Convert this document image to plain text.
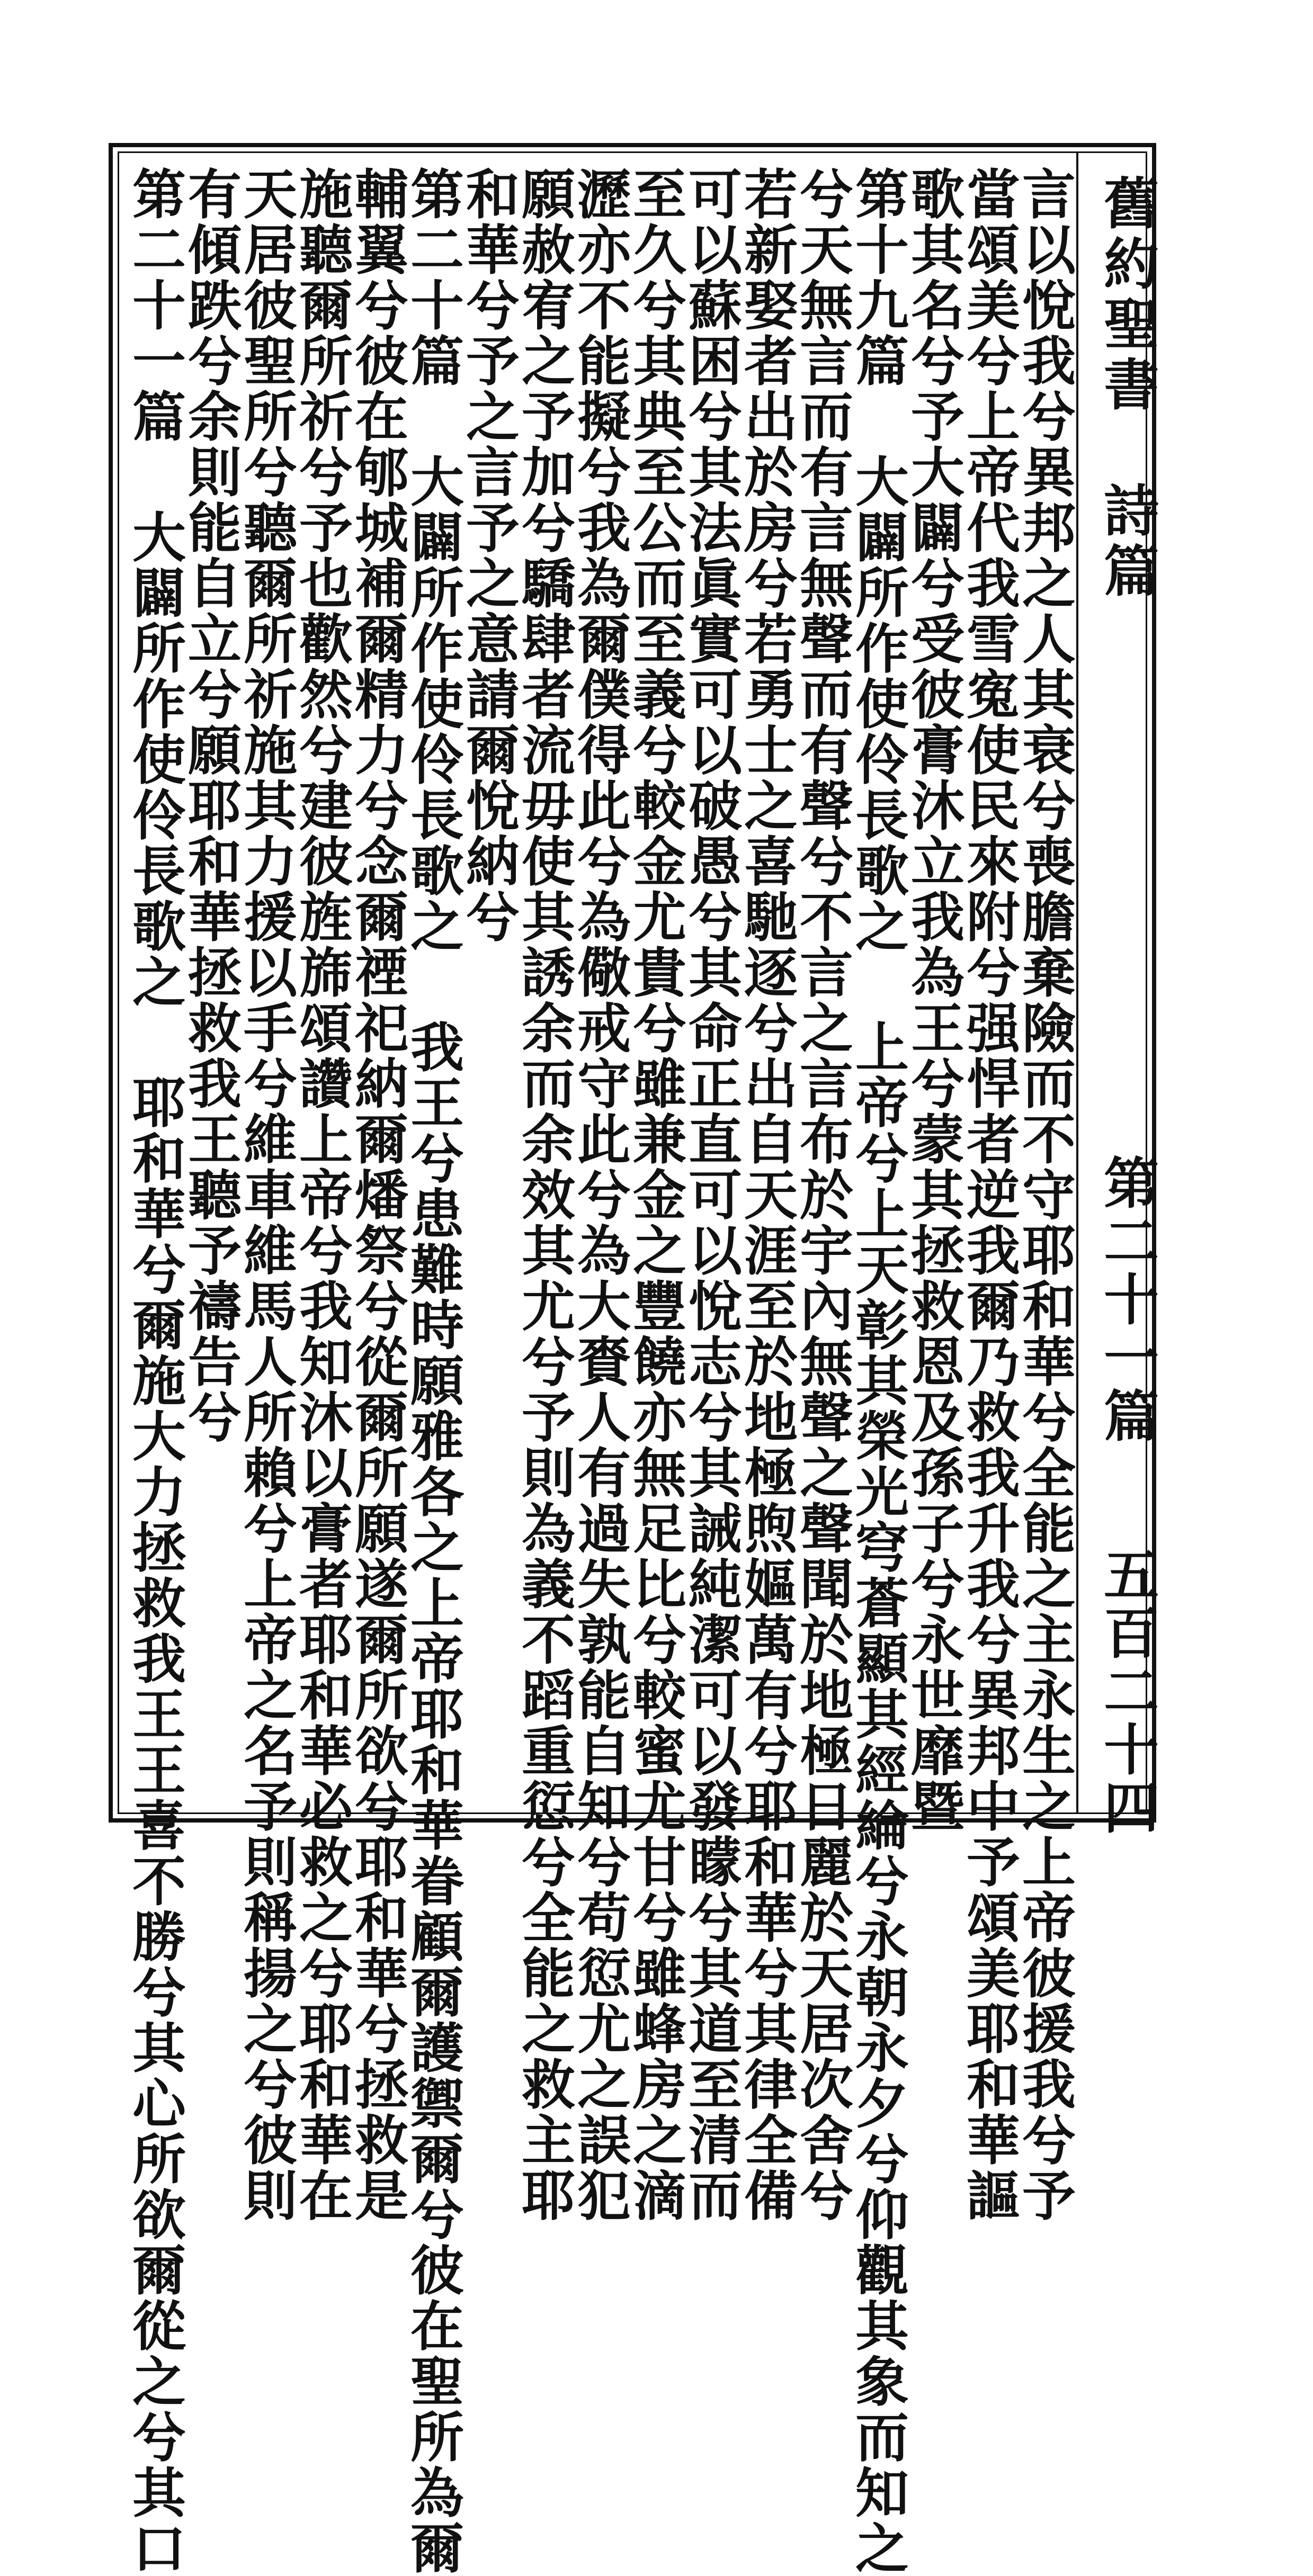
舊約聖書
詩篇
第二十一篇
五百二十四
言以悅我兮異邦之人其衰兮喪膽棄險而不守耶和華兮全能之主永生之上帝彼援我兮予
當頌美兮上帝代我雪寃使民來附兮强悍者逆我爾乃救我升我兮異邦中予頌美耶和華謳
歌其名兮予大闢兮受彼膏沐立我為王兮蒙其拯救恩及孫子兮永世靡暨
第十九篇 大闢所作使伶長歌之 上帝兮上天彰其榮光穹蒼顯其經綸兮永朝永夕兮仰觀其象而知之
兮天無言而有言無聲而有聲兮不言之言布於宇內無聲之聲聞於地極日麗於天居次舍兮
若新娶者出於房兮若勇士之喜馳逐兮出自天涯至於地極煦嫗萬有兮耶和華兮其律全備
可以蘇困兮其法眞實可以破愚兮其命正直可以悅志兮其誡純潔可以發矇兮其道至清而
至久兮其典至公而至義兮較金尤貴兮雖兼金之豐饒亦無足比兮較蜜尤甘兮雖蜂房之滴
瀝亦不能擬兮我為爾僕得此兮為儆戒守此兮為大賚人有過失孰能自知兮苟愆尤之誤犯
願赦宥之予加兮驕肆者流毋使其誘余而余效其尤兮予則為義不蹈重愆兮全能之救主耶
和華兮予之言予之意請爾悅納兮
第二十篇 大闢所作使伶長歌之 我王兮患難時願雅各之上帝耶和華眷顧爾護禦爾兮彼在聖所為爾
輔翼兮彼在郇城補爾精力兮念爾禋祀納爾燔祭兮從爾所願遂爾所欲兮耶和華兮拯救是
施聽爾所祈兮予也歡然兮建彼旌旆頌讚上帝兮我知沐以膏者耶和華必救之兮耶和華在
天居彼聖所兮聽爾所祈施其力援以手兮維車維馬人所賴兮上帝之名予則稱揚之兮彼則
有傾跌兮余則能自立兮願耶和華拯救我王聽予禱告兮
第二十一篇 大闢所作使伶長歌之 耶和華兮爾施大力拯救我王王喜不勝兮其心所欲爾從之兮其口
